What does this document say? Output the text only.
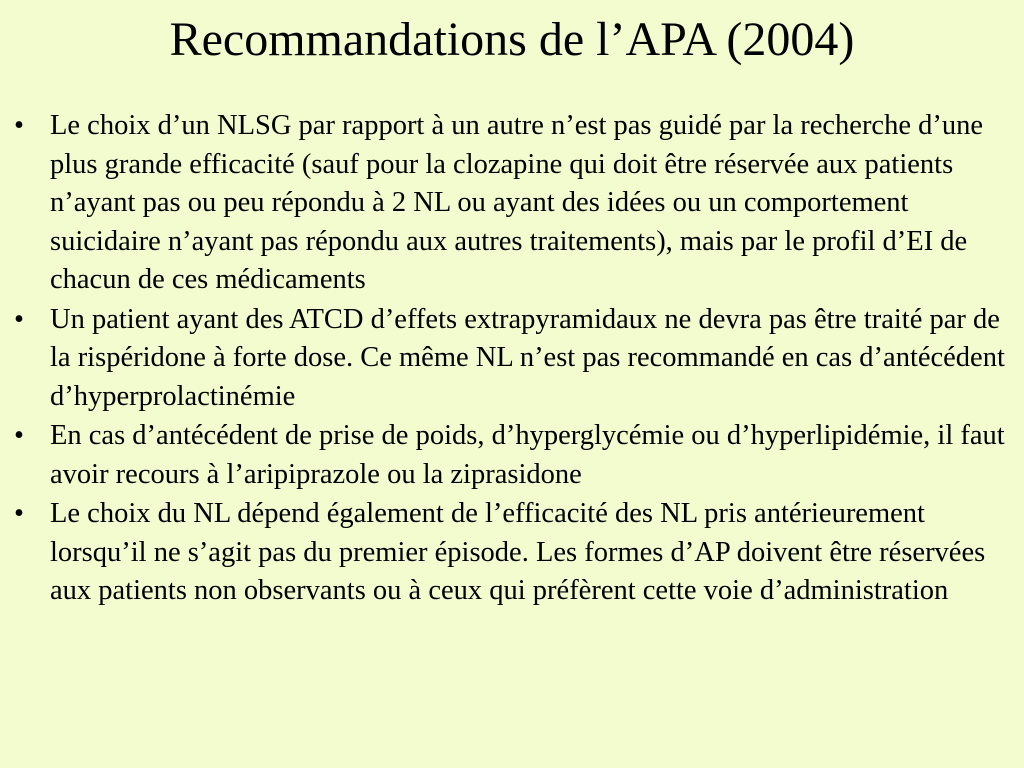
Recommandations de l’APA (2004)
• Le choix d’un NLSG par rapport à un autre n’est pas guidé par la recherche d’une plus grande efficacité (sauf pour la clozapine qui doit être réservée aux patients n’ayant pas ou peu répondu à 2 NL ou ayant des idées ou un comportement suicidaire n’ayant pas répondu aux autres traitements), mais par le profil d’EI de chacun de ces médicaments
• Un patient ayant des ATCD d’effets extrapyramidaux ne devra pas être traité par de la rispéridone à forte dose. Ce même NL n’est pas recommandé en cas d’antécédent d’hyperprolactinémie
• En cas d’antécédent de prise de poids, d’hyperglycémie ou d’hyperlipidémie, il faut avoir recours à l’aripiprazole ou la ziprasidone
• Le choix du NL dépend également de l’efficacité des NL pris antérieurement lorsqu’il ne s’agit pas du premier épisode. Les formes d’AP doivent être réservées aux patients non observants ou à ceux qui préfèrent cette voie d’administration
